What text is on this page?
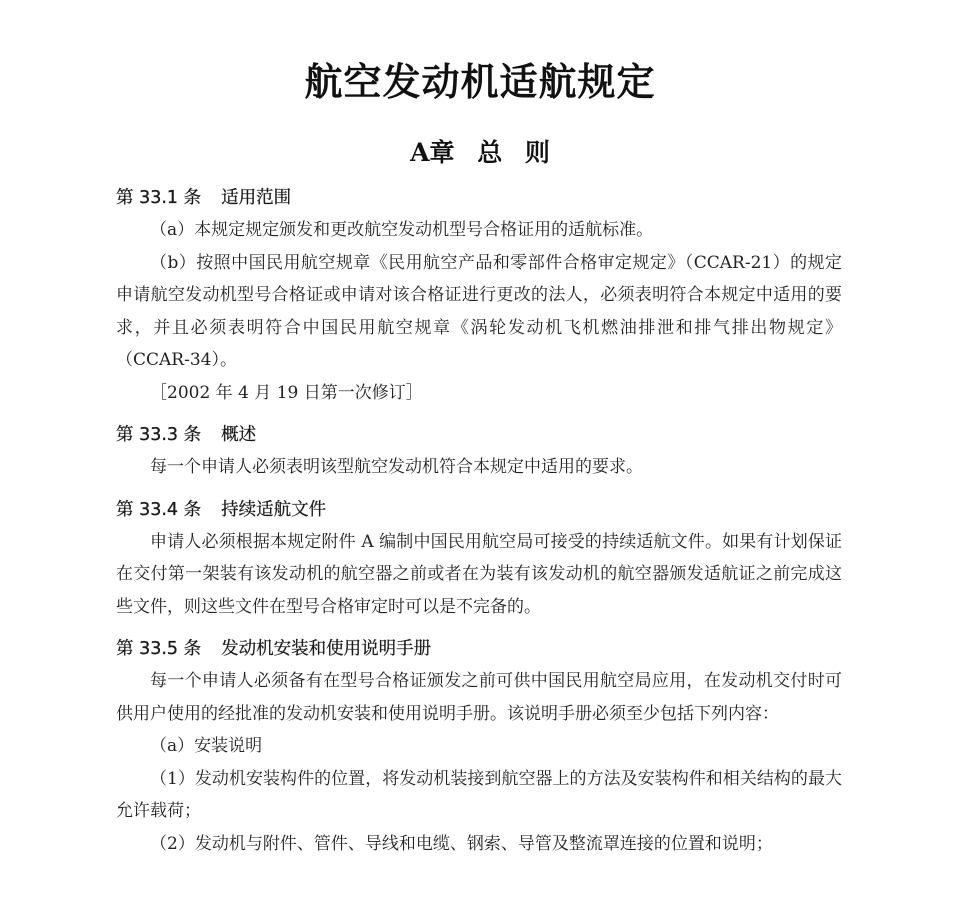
航空发动机适航规定
A章 总 则
第 33.1 条 适用范围

（a）本规定规定颁发和更改航空发动机型号合格证用的适航标准。

（b）按照中国民用航空规章《民用航空产品和零部件合格审定规定》（CCAR-21）的规定申请航空发动机型号合格证或申请对该合格证进行更改的法人，必须表明符合本规定中适用的要求，并且必须表明符合中国民用航空规章《涡轮发动机飞机燃油排泄和排气排出物规定》（CCAR-34）。

［2002 年 4 月 19 日第一次修订］

第 33.3 条 概述

每一个申请人必须表明该型航空发动机符合本规定中适用的要求。

第 33.4 条 持续适航文件

申请人必须根据本规定附件 A 编制中国民用航空局可接受的持续适航文件。如果有计划保证在交付第一架装有该发动机的航空器之前或者在为装有该发动机的航空器颁发适航证之前完成这些文件，则这些文件在型号合格审定时可以是不完备的。

第 33.5 条 发动机安装和使用说明手册

每一个申请人必须备有在型号合格证颁发之前可供中国民用航空局应用，在发动机交付时可供用户使用的经批准的发动机安装和使用说明手册。该说明手册必须至少包括下列内容：

（a）安装说明

（1）发动机安装构件的位置，将发动机装接到航空器上的方法及安装构件和相关结构的最大允许载荷；

（2）发动机与附件、管件、导线和电缆、钢索、导管及整流罩连接的位置和说明；
